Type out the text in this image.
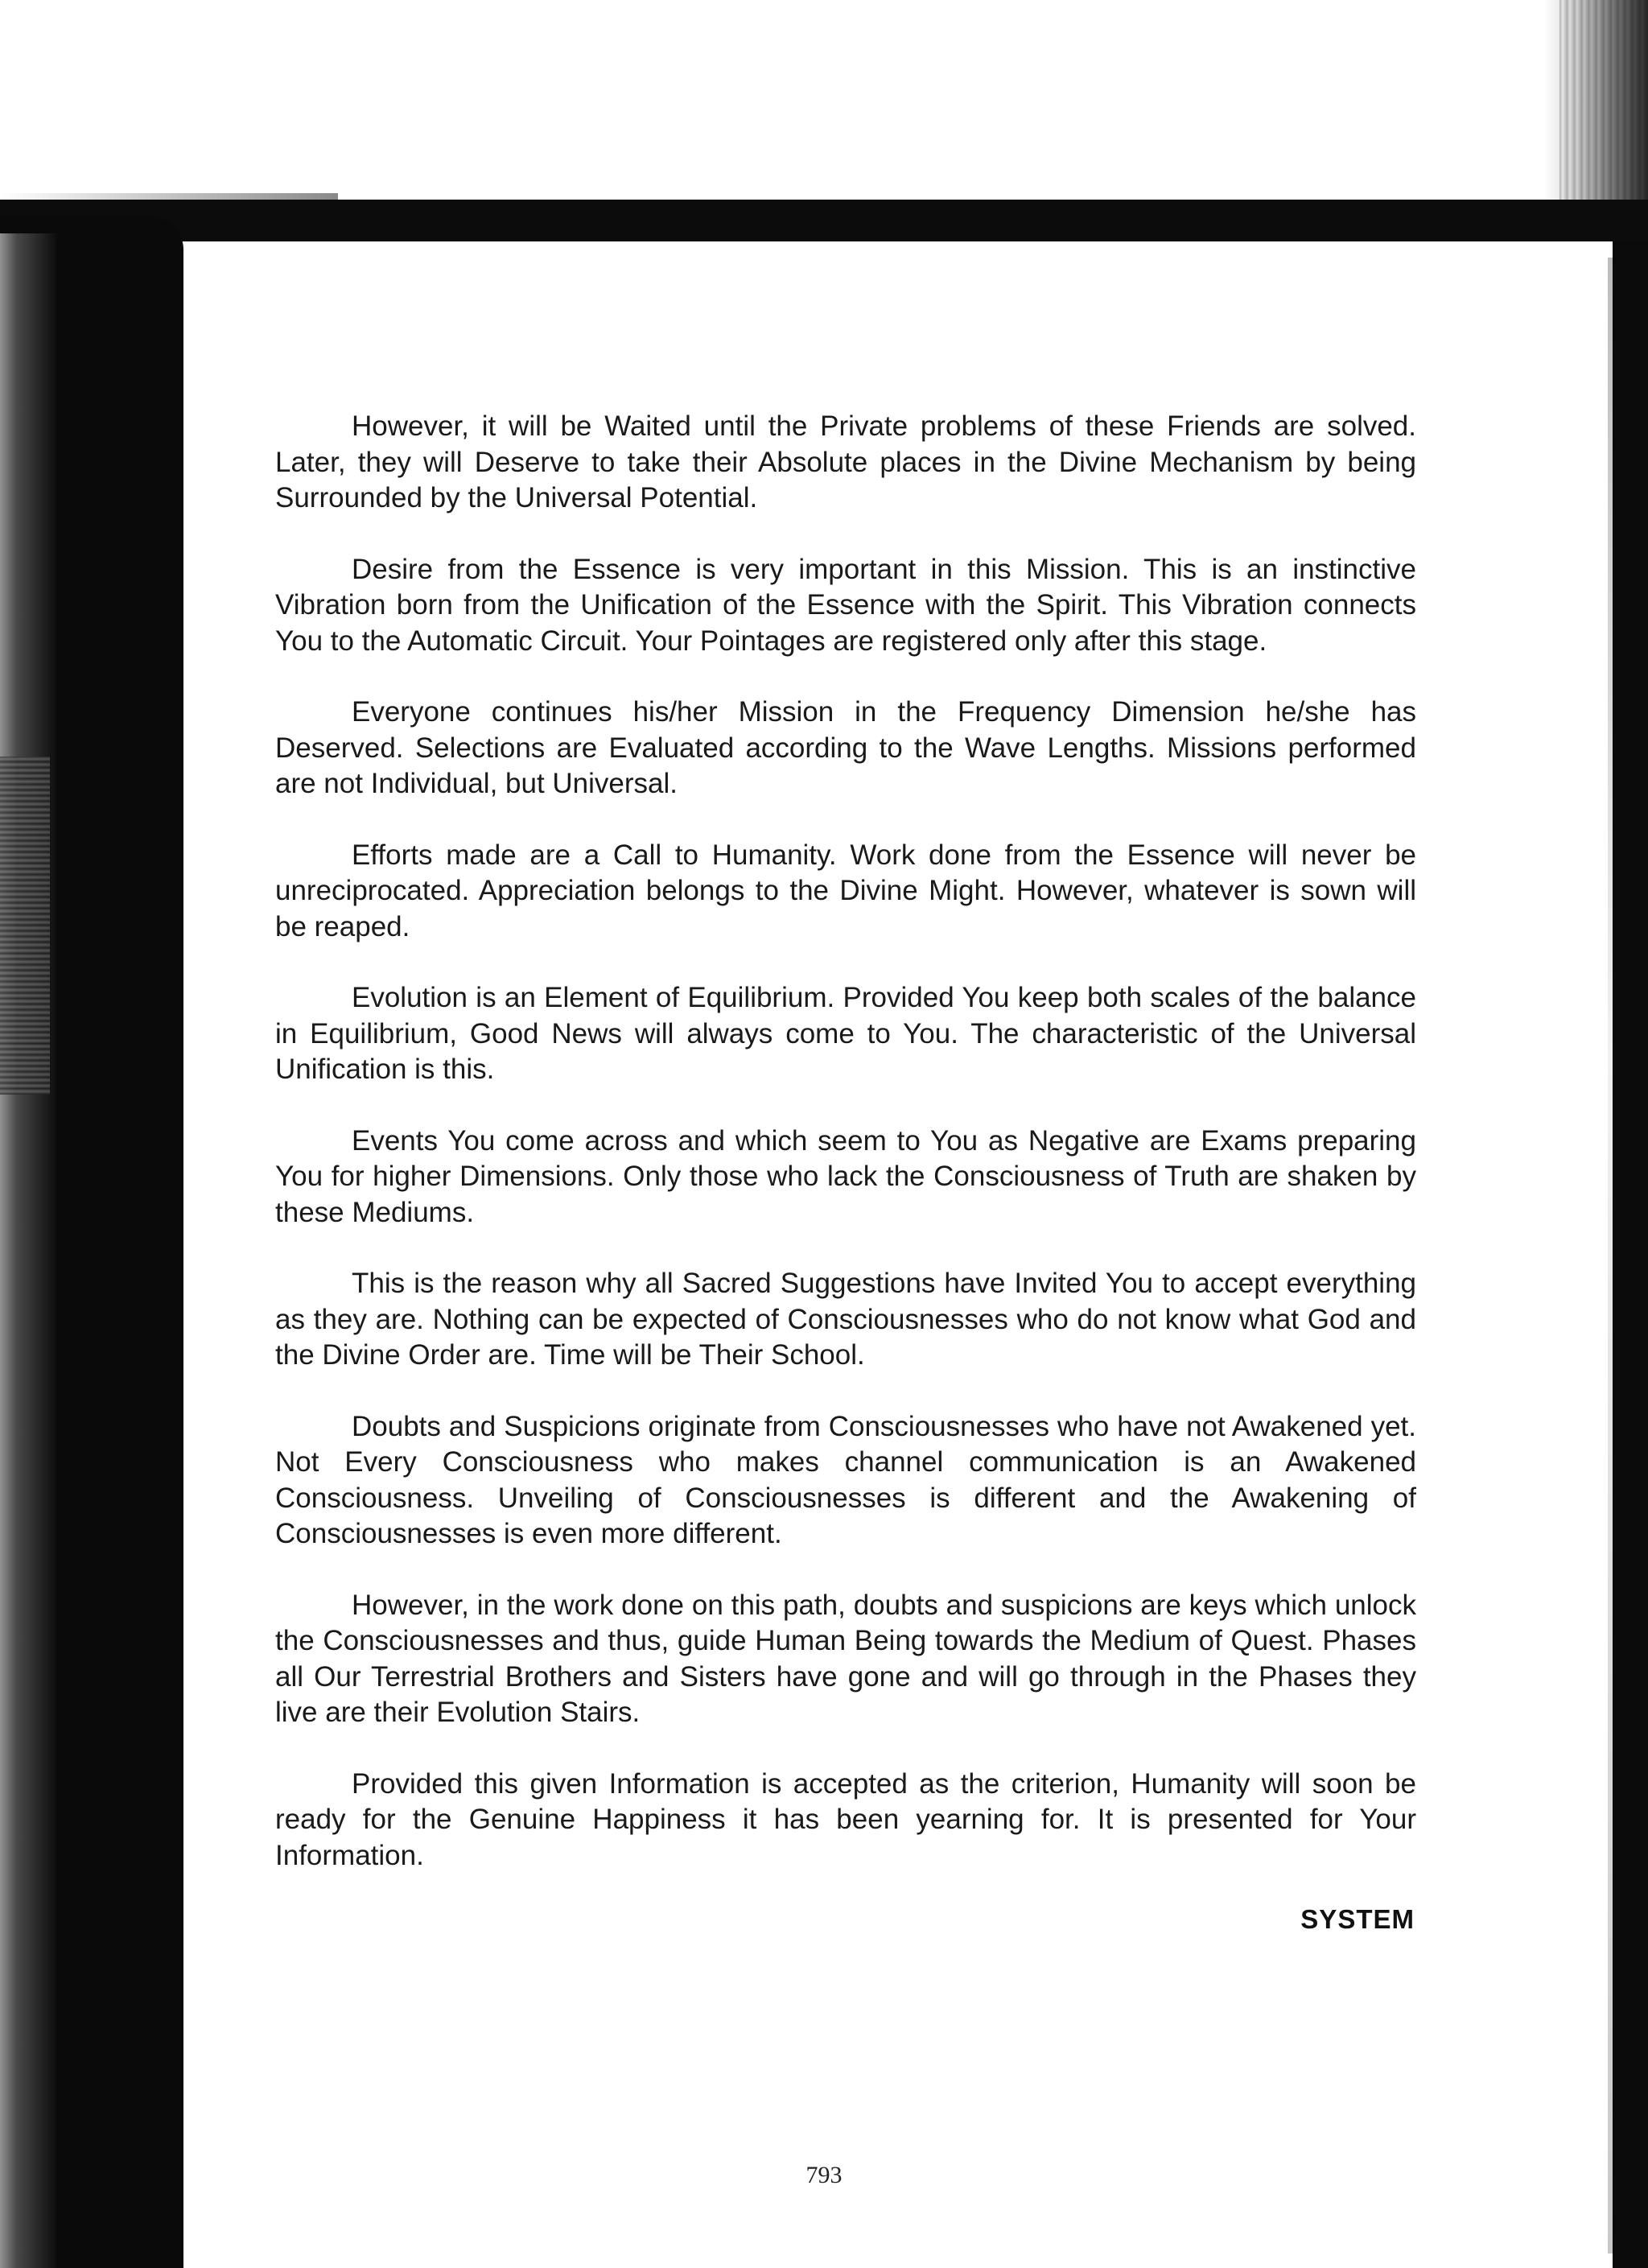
However, it will be Waited until the Private problems of these Friends are solved. Later, they will Deserve to take their Absolute places in the Divine Mechanism by being Surrounded by the Universal Potential.

Desire from the Essence is very important in this Mission. This is an instinctive Vibration born from the Unification of the Essence with the Spirit. This Vibration connects You to the Automatic Circuit. Your Pointages are registered only after this stage.

Everyone continues his/her Mission in the Frequency Dimension he/she has Deserved. Selections are Evaluated according to the Wave Lengths. Missions performed are not Individual, but Universal.

Efforts made are a Call to Humanity. Work done from the Essence will never be unreciprocated. Appreciation belongs to the Divine Might. However, whatever is sown will be reaped.

Evolution is an Element of Equilibrium. Provided You keep both scales of the balance in Equilibrium, Good News will always come to You. The characteristic of the Universal Unification is this.

Events You come across and which seem to You as Negative are Exams preparing You for higher Dimensions. Only those who lack the Consciousness of Truth are shaken by these Mediums.

This is the reason why all Sacred Suggestions have Invited You to accept everything as they are. Nothing can be expected of Consciousnesses who do not know what God and the Divine Order are. Time will be Their School.

Doubts and Suspicions originate from Consciousnesses who have not Awakened yet. Not Every Consciousness who makes channel communication is an Awakened Consciousness. Unveiling of Consciousnesses is different and the Awakening of Consciousnesses is even more different.

However, in the work done on this path, doubts and suspicions are keys which unlock the Consciousnesses and thus, guide Human Being towards the Medium of Quest. Phases all Our Terrestrial Brothers and Sisters have gone and will go through in the Phases they live are their Evolution Stairs.

Provided this given Information is accepted as the criterion, Humanity will soon be ready for the Genuine Happiness it has been yearning for. It is presented for Your Information.

SYSTEM
793
